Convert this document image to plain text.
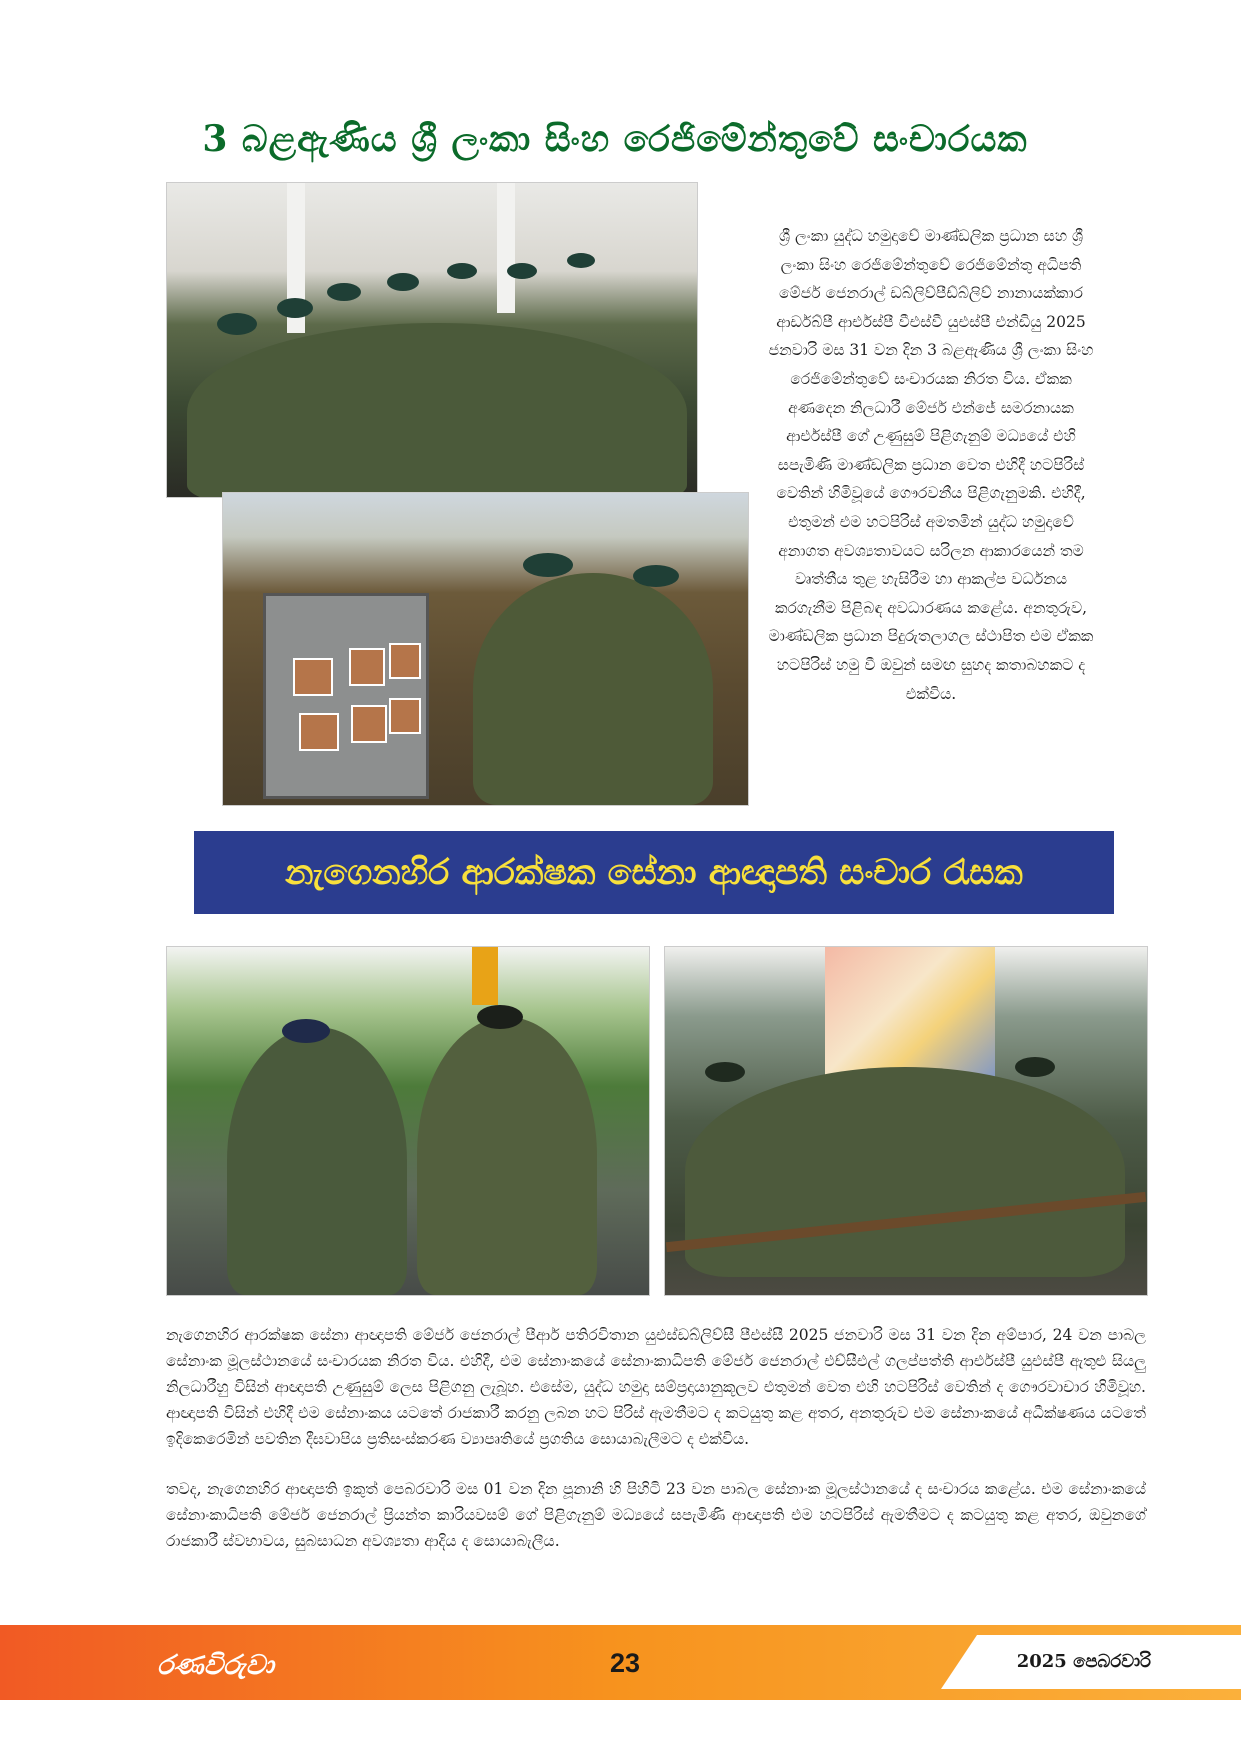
3 බළඇණිය ශ්‍රී ලංකා සිංහ රෙජිමේන්තුවේ සංචාරයක
ශ්‍රී ලංකා යුද්ධ හමුදාවේ මාණ්ඩලික ප්‍රධාන සහ ශ්‍රී ලංකා සිංහ රෙජිමේන්තුවේ රෙජිමේන්තු අධිපති මේජර් ජෙනරාල් ඩබ්ලිව්පීඩ්බ්ලිව් නානායක්කාර ආර්ඩබ්පී ආර්එස්පී වීඑස්වී යුඑස්පී එන්ඩියු 2025 ජනවාරි මස 31 වන දින 3 බළඇණිය ශ්‍රී ලංකා සිංහ රෙජිමේන්තුවේ සංචාරයක නිරත විය. ඒකක අණදෙන නිලධාරී මේජර් එන්ජේ සමරනායක ආර්එස්පී ගේ උණුසුම් පිළිගැනුම් මධ්‍යයේ එහි සපැමිණි මාණ්ඩලික ප්‍රධාන වෙත එහිදී හටපිරිස් වෙතින් හිමිවූයේ ගෞරවනීය පිළිගැනුමකි. එහිදී, එතුමන් එම හටපිරිස් අමතමින් යුද්ධ හමුදාවේ අනාගත අවශ්‍යතාවයට සරිලන ආකාරයෙන් තම වෘත්තීය තුළ හැසිරීම හා ආකල්ප වර්ධනය කරගැනීම පිළිබඳ අවධාරණය කළේය. අනතුරුව, මාණ්ඩලික ප්‍රධාන පිදුරුතලාගල ස්ථාපිත එම ඒකක හටපිරිස් හමු වී ඔවුන් සමඟ සුහද කතාබහකට ද එක්විය.
නැගෙනහිර ආරක්ෂක සේනා ආඥාපති සංචාර රැසක

නැගෙනහිර ආරක්ෂක සේනා ආඥාපති මේජර් ජෙනරාල් පීආර් පතිරවිතාන යුඑස්ඩබ්ලිව්සී පීඑස්සී 2025 ජනවාරි මස 31 වන දින අම්පාර, 24 වන පාබල සේනාංක මූලස්ථානයේ සංචාරයක නිරත විය. එහිදී, එම සේනාංකයේ සේනාංකාධිපති මේජර් ජෙනරාල් එච්සීඑල් ගලප්පත්ති ආර්එස්පී යුඑස්පී ඇතුළු සියලු නිලධාරීහු විසින් ආඥාපති උණුසුම් ලෙස පිළිගනු ලැබූහ. එසේම, යුද්ධ හමුදා සම්ප්‍රදායානුකූලව එතුමන් වෙත එහි හටපිරිස් වෙතින් ද ගෞරවාචාර හිමිවූහ. ආඥාපති විසින් එහිදී එම සේනාංකය යටතේ රාජකාරී කරනු ලබන හට පිරිස් ඇමතීමට ද කටයුතු කළ අතර, අනතුරුව එම සේනාංකයේ අධීක්ෂණය යටතේ ඉදිකෙරෙමින් පවතින දීඝවාපිය ප්‍රතිසංස්කරණ ව්‍යාපෘතියේ ප්‍රගතිය සොයාබැලීමට ද එක්විය.

තවද, නැගෙනහිර ආඥාපති ඉකුත් පෙබරවාරි මස 01 වන දින පූනානි හි පිහිටි 23 වන පාබල සේනාංක මූලස්ථානයේ ද සංචාරය කළේය. එම සේනාංකයේ සේනාංකාධිපති මේජර් ජෙනරාල් ප්‍රියන්ත කාරියවසම් ගේ පිළිගැනුම් මධ්‍යයේ සපැමිණි ආඥාපති එම හටපිරිස් ඇමතීමට ද කටයුතු කළ අතර, ඔවුනගේ රාජකාරී ස්වභාවය, සුබසාධන අවශ්‍යතා ආදිය ද සොයාබැලීය.

රණවිරුවා	23	2025 පෙබරවාරි
